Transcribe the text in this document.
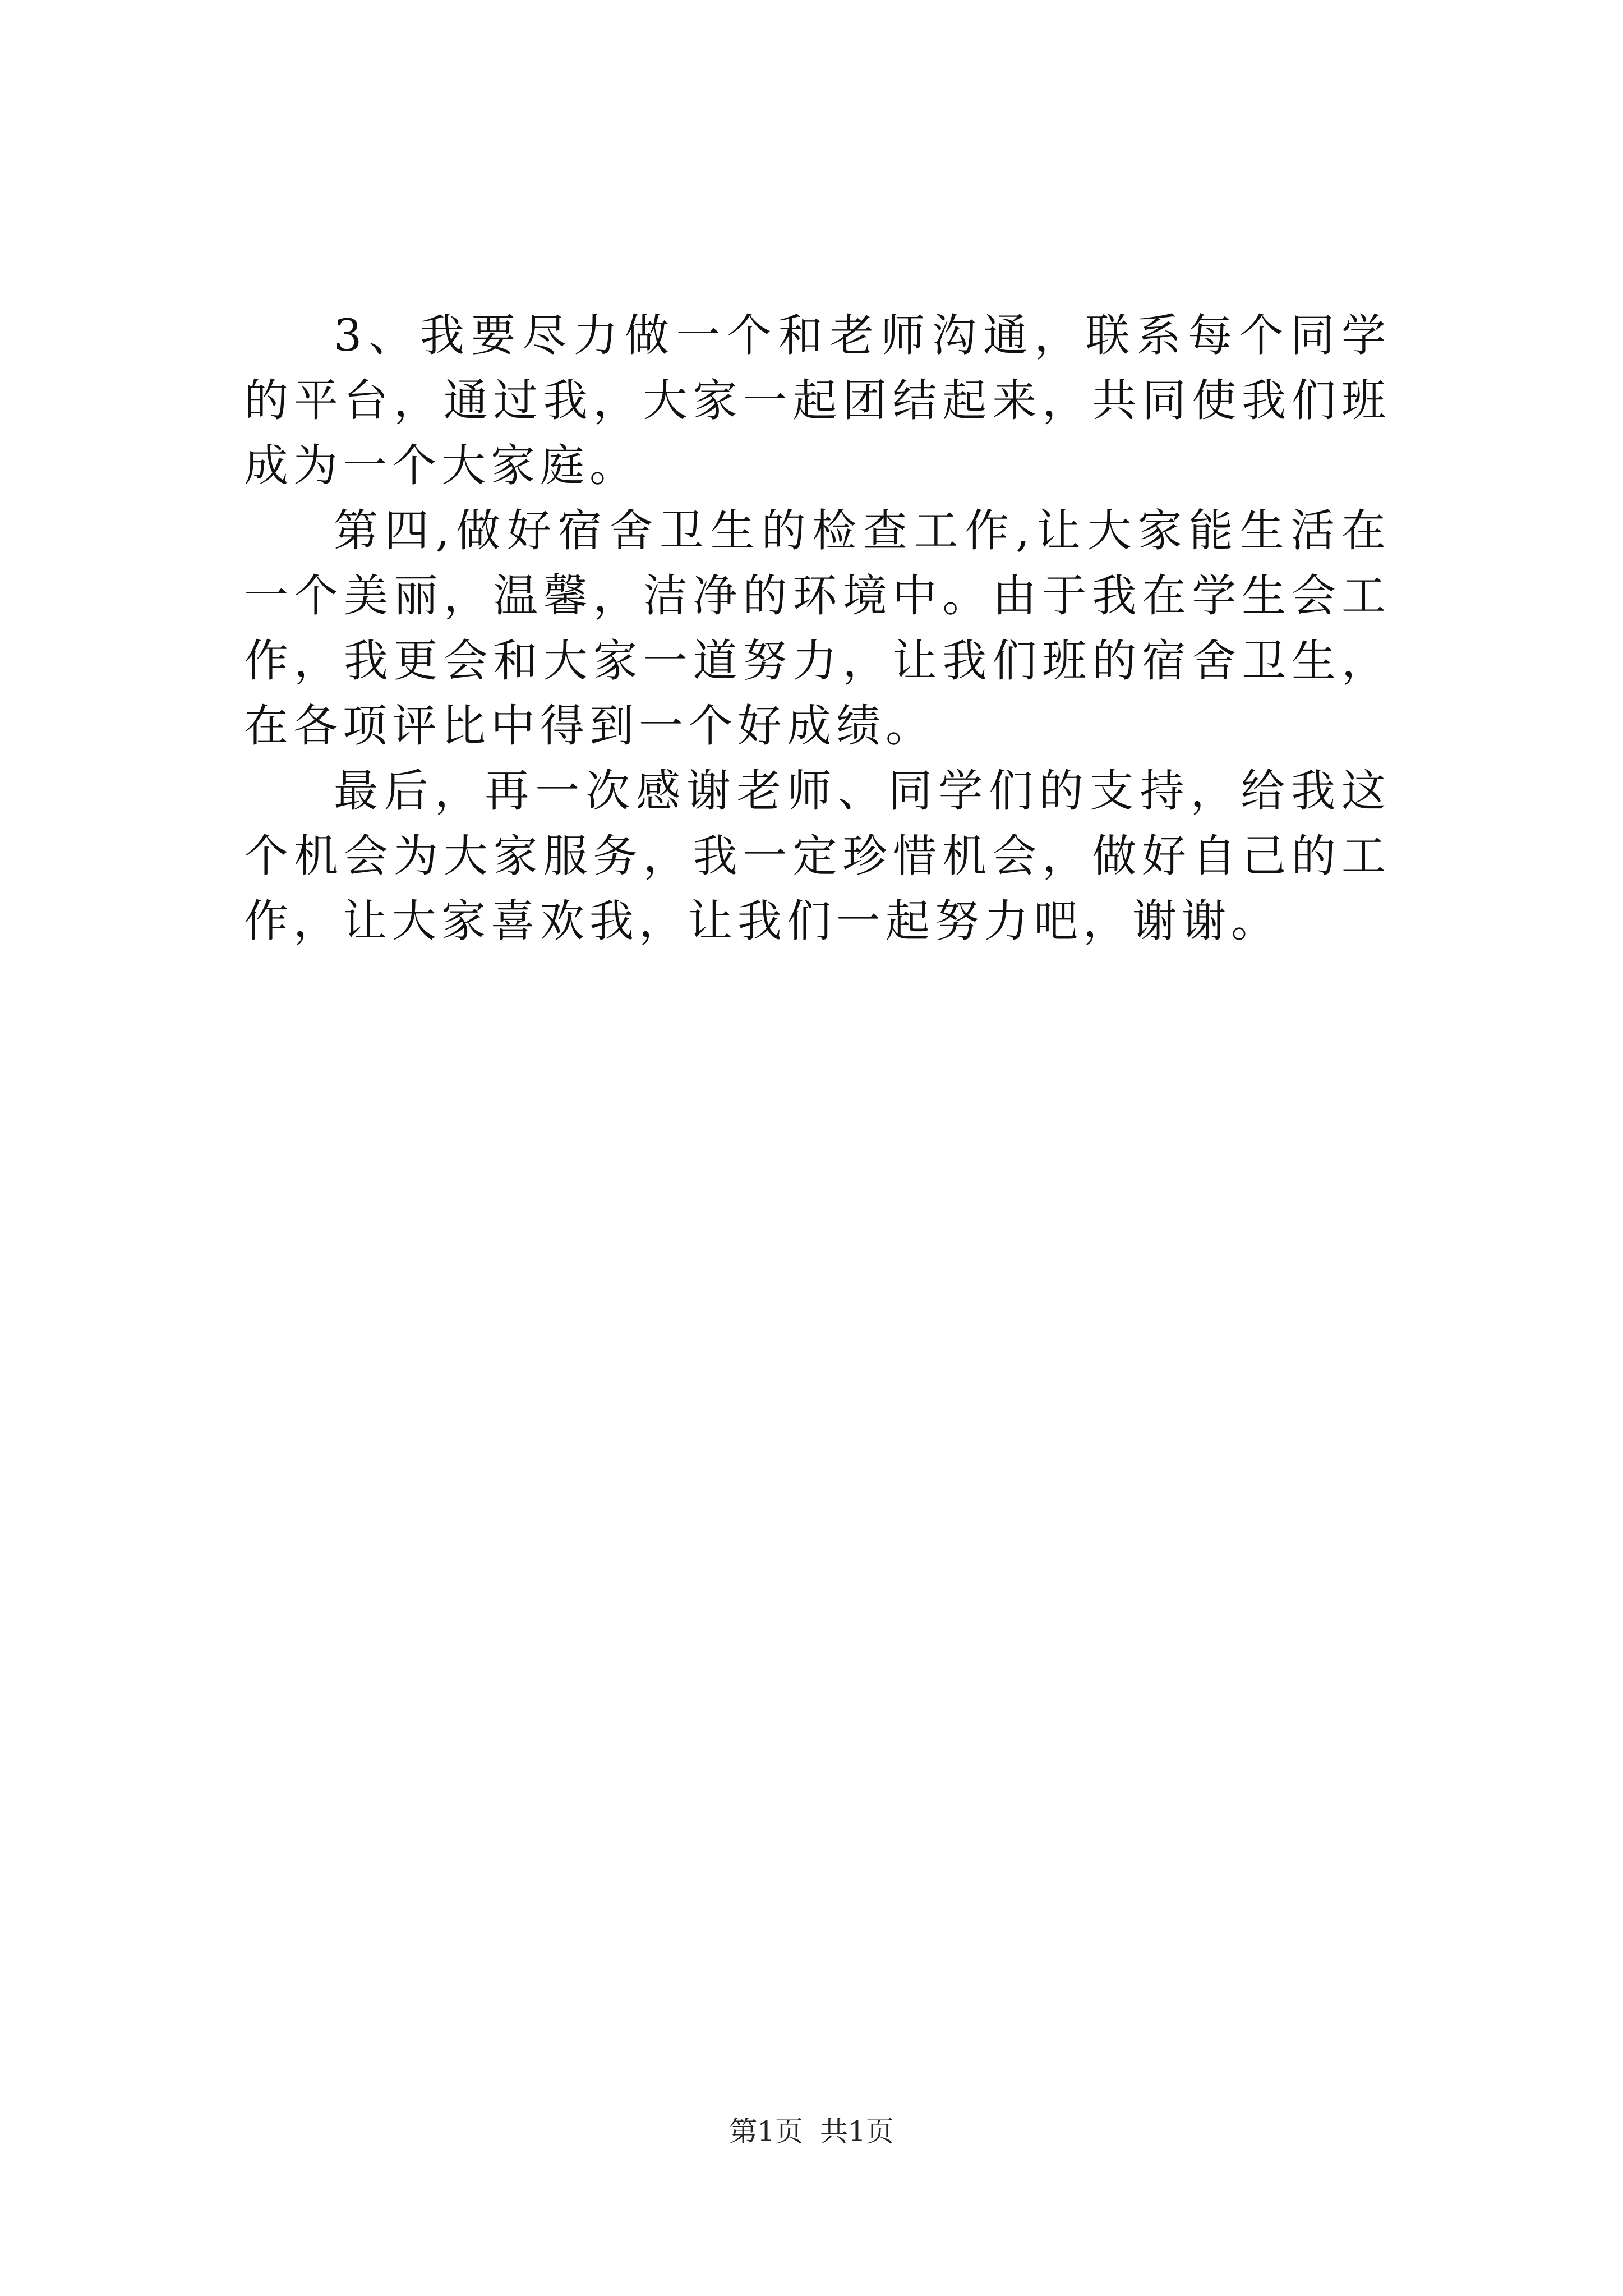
3、我要尽力做一个和老师沟通，联系每个同学的平台，通过我，大家一起团结起来，共同使我们班成为一个大家庭。

第四,做好宿舍卫生的检查工作,让大家能生活在一个美丽，温馨，洁净的环境中。由于我在学生会工作，我更会和大家一道努力，让我们班的宿舍卫生，在各项评比中得到一个好成绩。

最后，再一次感谢老师、同学们的支持，给我这个机会为大家服务，我一定珍惜机会，做好自己的工作，让大家喜欢我，让我们一起努力吧，谢谢。

第1页 共1页
